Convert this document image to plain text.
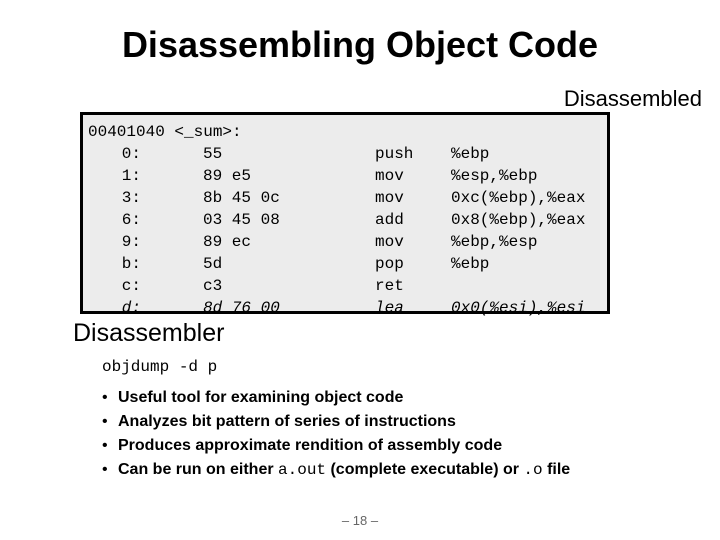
Disassembling Object Code
Disassembled
00401040 <_sum>:
0:	55	push %ebp
1:	89 e5	mov	%esp,%ebp
3:	8b 45 0c	mov	0xc(%ebp),%eax
6:	03 45 08	add	0x8(%ebp),%eax
9:	89 ec	mov	%ebp,%esp
b:	5d	pop	%ebp
c:	c3	ret
d:	8d 76 00	lea	0x0(%esi),%esi
Disassembler
objdump -d p
• Useful tool for examining object code
• Analyzes bit pattern of series of instructions
• Produces approximate rendition of assembly code
• Can be run on either a.out (complete executable) or .o file
– 18 –
